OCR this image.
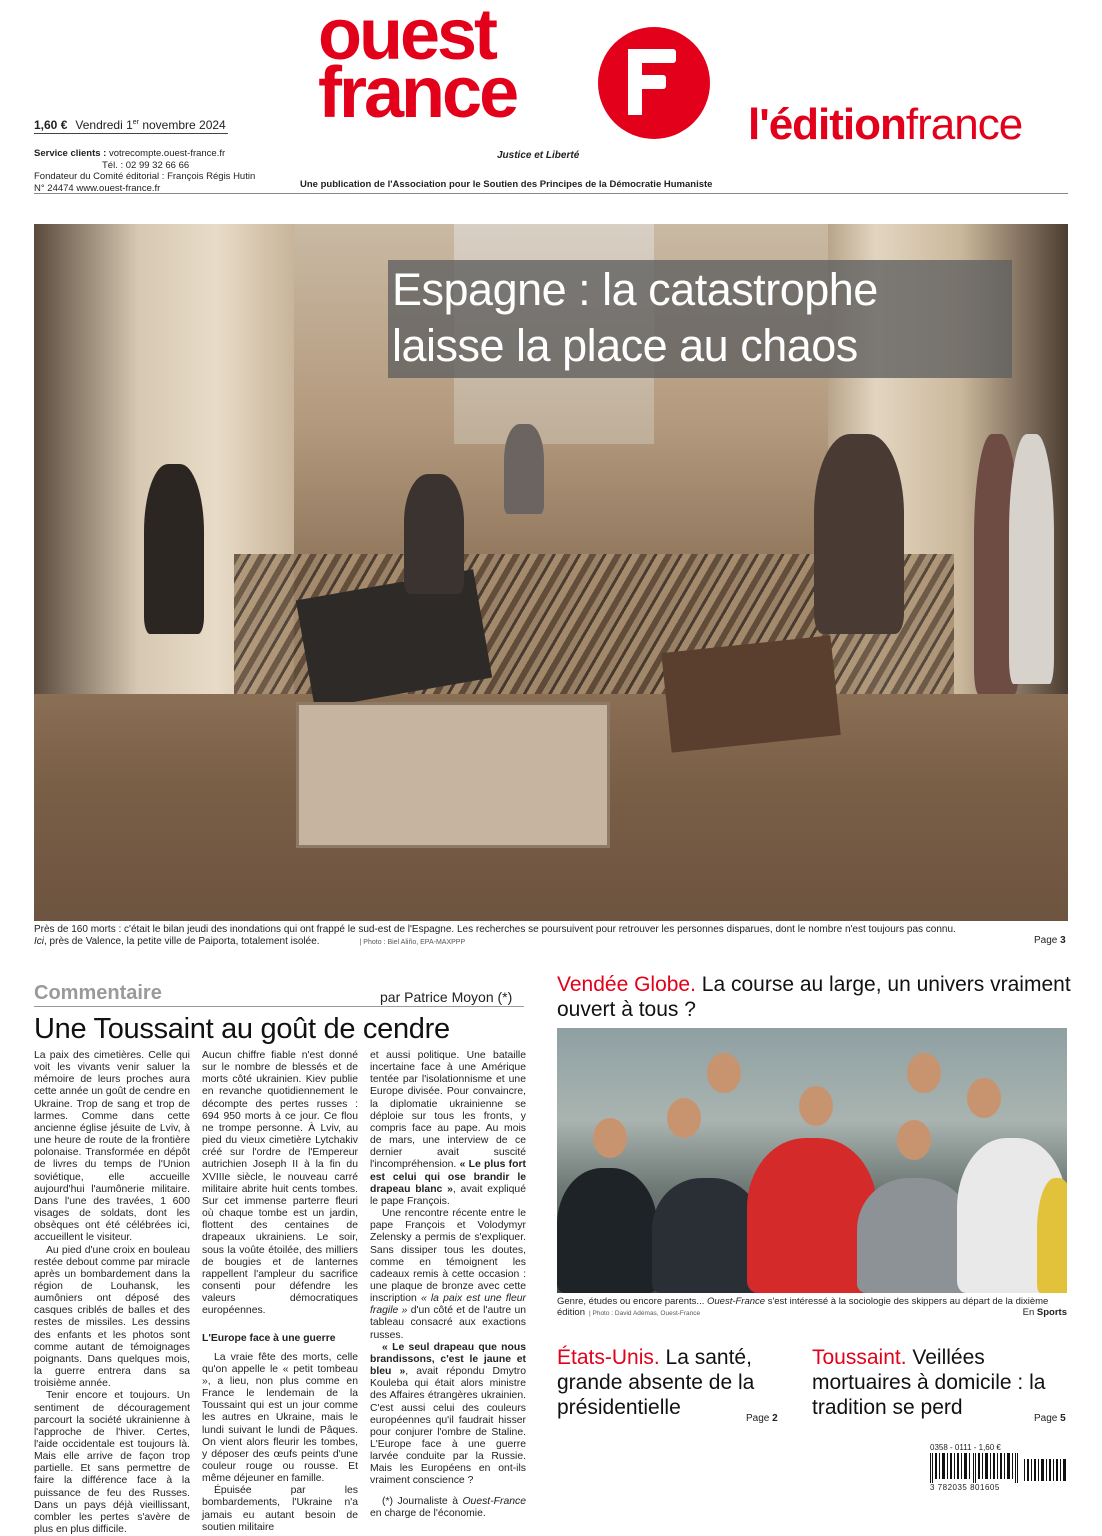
ouest
france
Justice et Liberté
l'éditionfrance
1,60 € Vendredi 1er novembre 2024
Service clients : votrecompte.ouest-france.fr
Tél. : 02 99 32 66 66
Fondateur du Comité éditorial : François Régis Hutin
N° 24474 www.ouest-france.fr	Une publication de l'Association pour le Soutien des Principes de la Démocratie Humaniste
Espagne : la catastrophe
laisse la place au chaos
Près de 160 morts : c'était le bilan jeudi des inondations qui ont frappé le sud-est de l'Espagne. Les recherches se poursuivent pour retrouver les personnes disparues, dont le nombre n'est toujours pas connu.
Ici, près de Valence, la petite ville de Paiporta, totalement isolée.	| Photo : Biel Aliño, EPA-MAXPPP	Page 3
Commentaire	par Patrice Moyon (*)
Une Toussaint au goût de cendre

La paix des cimetières. Celle qui voit les vivants venir saluer la mémoire de leurs proches aura cette année un goût de cendre en Ukraine. Trop de sang et trop de larmes. Comme dans cette ancienne église jésuite de Lviv, à une heure de route de la frontière polonaise. Transformée en dépôt de livres du temps de l'Union soviétique, elle accueille aujourd'hui l'aumônerie militaire. Dans l'une des travées, 1 600 visages de soldats, dont les obsèques ont été célébrées ici, accueillent le visiteur.

Au pied d'une croix en bouleau restée debout comme par miracle après un bombardement dans la région de Louhansk, les aumôniers ont déposé des casques criblés de balles et des restes de missiles. Les dessins des enfants et les photos sont comme autant de témoignages poignants. Dans quelques mois, la guerre entrera dans sa troisième année.

Tenir encore et toujours. Un sentiment de découragement parcourt la société ukrainienne à l'approche de l'hiver. Certes, l'aide occidentale est toujours là. Mais elle arrive de façon trop partielle. Et sans permettre de faire la différence face à la puissance de feu des Russes. Dans un pays déjà vieillissant, combler les pertes s'avère de plus en plus difficile.

Aucun chiffre fiable n'est donné sur le nombre de blessés et de morts côté ukrainien. Kiev publie en revanche quotidiennement le décompte des pertes russes : 694 950 morts à ce jour. Ce flou ne trompe personne. À Lviv, au pied du vieux cimetière Lytchakiv créé sur l'ordre de l'Empereur autrichien Joseph II à la fin du XVIIIe siècle, le nouveau carré militaire abrite huit cents tombes. Sur cet immense parterre fleuri où chaque tombe est un jardin, flottent des centaines de drapeaux ukrainiens. Le soir, sous la voûte étoilée, des milliers de bougies et de lanternes rappellent l'ampleur du sacrifice consenti pour défendre les valeurs démocratiques européennes.

L'Europe face à une guerre

La vraie fête des morts, celle qu'on appelle le « petit tombeau », a lieu, non plus comme en France le lendemain de la Toussaint qui est un jour comme les autres en Ukraine, mais le lundi suivant le lundi de Pâques. On vient alors fleurir les tombes, y déposer des œufs peints d'une couleur rouge ou rousse. Et même déjeuner en famille.

Épuisée par les bombardements, l'Ukraine n'a jamais eu autant besoin de soutien militaire

et aussi politique. Une bataille incertaine face à une Amérique tentée par l'isolationnisme et une Europe divisée. Pour convaincre, la diplomatie ukrainienne se déploie sur tous les fronts, y compris face au pape. Au mois de mars, une interview de ce dernier avait suscité l'incompréhension. « Le plus fort est celui qui ose brandir le drapeau blanc », avait expliqué le pape François.

Une rencontre récente entre le pape François et Volodymyr Zelensky a permis de s'expliquer. Sans dissiper tous les doutes, comme en témoignent les cadeaux remis à cette occasion : une plaque de bronze avec cette inscription « la paix est une fleur fragile » d'un côté et de l'autre un tableau consacré aux exactions russes.

« Le seul drapeau que nous brandissons, c'est le jaune et bleu », avait répondu Dmytro Kouleba qui était alors ministre des Affaires étrangères ukrainien. C'est aussi celui des couleurs européennes qu'il faudrait hisser pour conjurer l'ombre de Staline. L'Europe face à une guerre larvée conduite par la Russie. Mais les Européens en ont-ils vraiment conscience ?

(*) Journaliste à Ouest-France en charge de l'économie.

Vendée Globe. La course au large, un univers vraiment ouvert à tous ?
Genre, études ou encore parents... Ouest-France s'est intéressé à la sociologie des skippers au départ de la dixième édition | Photo : David Adémas, Ouest-France	En Sports
États-Unis. La santé, grande absente de la présidentielle	Page 2
Toussaint. Veillées mortuaires à domicile : la tradition se perd	Page 5
0358 - 0111 - 1,60 €
3 782035 801605
